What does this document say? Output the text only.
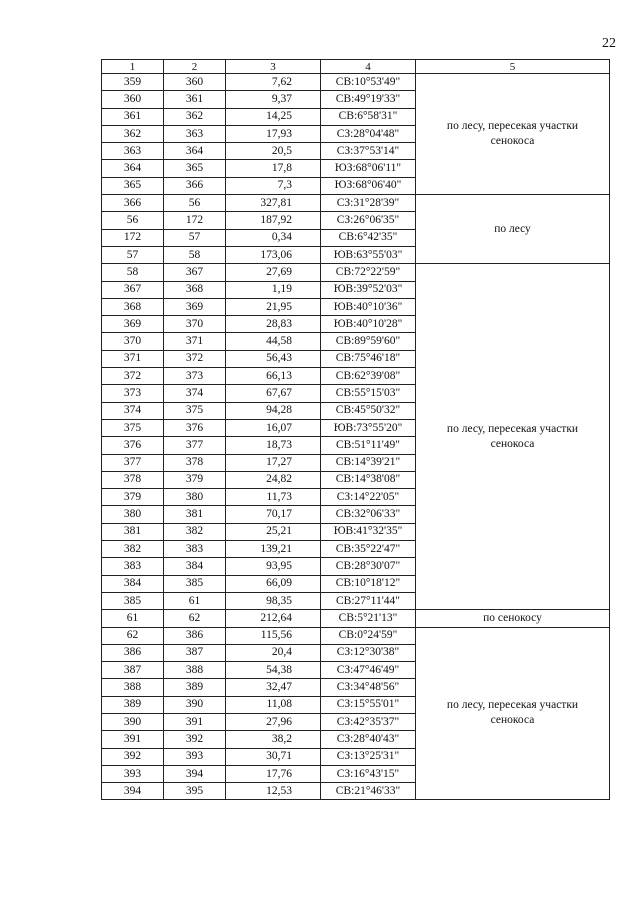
22
1	2	3	4	5
359	360	7,62	СВ:10°53'49"	по лесу, пересекая участки сенокоса
360	361	9,37	СВ:49°19'33"	
361	362	14,25	СВ:6°58'31"	
362	363	17,93	СЗ:28°04'48"	
363	364	20,5	СЗ:37°53'14"	
364	365	17,8	ЮЗ:68°06'11"	
365	366	7,3	ЮЗ:68°06'40"	
366	56	327,81	СЗ:31°28'39"	по лесу
56	172	187,92	СЗ:26°06'35"	
172	57	0,34	СВ:6°42'35"	
57	58	173,06	ЮВ:63°55'03"	
58	367	27,69	СВ:72°22'59"	по лесу, пересекая участки сенокоса
367	368	1,19	ЮВ:39°52'03"	
368	369	21,95	ЮВ:40°10'36"	
369	370	28,83	ЮВ:40°10'28"	
370	371	44,58	СВ:89°59'60"	
371	372	56,43	СВ:75°46'18"	
372	373	66,13	СВ:62°39'08"	
373	374	67,67	СВ:55°15'03"	
374	375	94,28	СВ:45°50'32"	
375	376	16,07	ЮВ:73°55'20"	
376	377	18,73	СВ:51°11'49"	
377	378	17,27	СВ:14°39'21"	
378	379	24,82	СВ:14°38'08"	
379	380	11,73	СЗ:14°22'05"	
380	381	70,17	СВ:32°06'33"	
381	382	25,21	ЮВ:41°32'35"	
382	383	139,21	СВ:35°22'47"	
383	384	93,95	СВ:28°30'07"	
384	385	66,09	СВ:10°18'12"	
385	61	98,35	СВ:27°11'44"	
61	62	212,64	СВ:5°21'13"	по сенокосу
62	386	115,56	СВ:0°24'59"	по лесу, пересекая участки сенокоса
386	387	20,4	СЗ:12°30'38"	
387	388	54,38	СЗ:47°46'49"	
388	389	32,47	СЗ:34°48'56"	
389	390	11,08	СЗ:15°55'01"	
390	391	27,96	СЗ:42°35'37"	
391	392	38,2	СЗ:28°40'43"	
392	393	30,71	СЗ:13°25'31"	
393	394	17,76	СЗ:16°43'15"	
394	395	12,53	СВ:21°46'33"	
